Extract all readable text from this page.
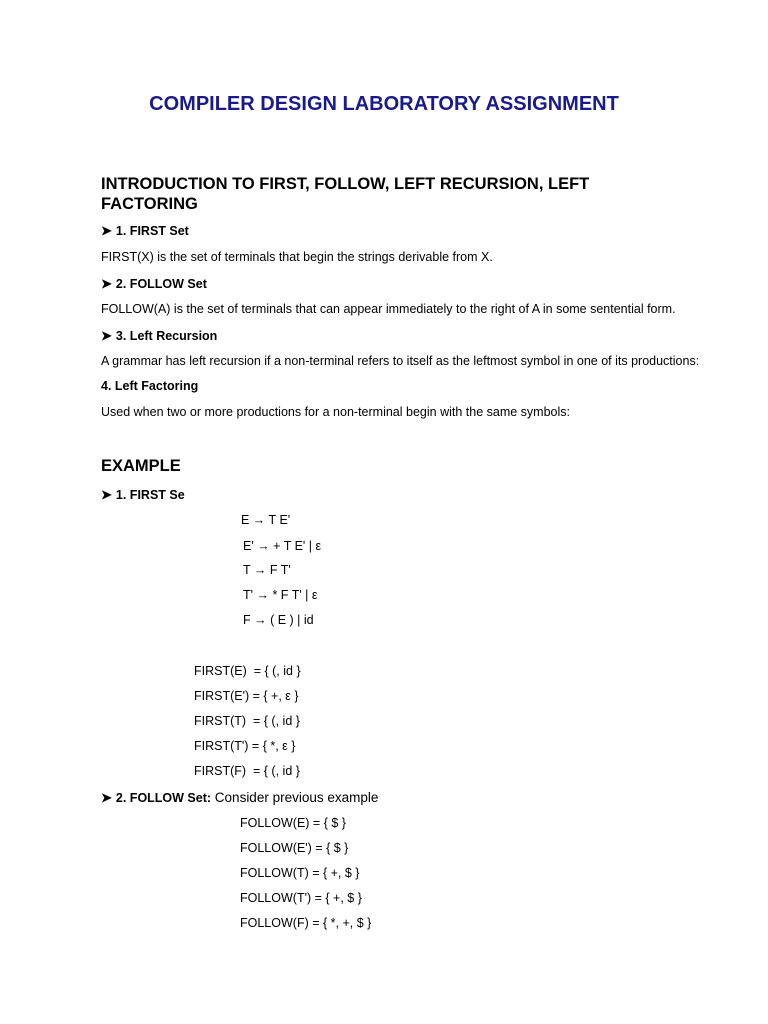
COMPILER DESIGN LABORATORY ASSIGNMENT
INTRODUCTION TO FIRST, FOLLOW, LEFT RECURSION, LEFT
FACTORING
➤ 1. FIRST Set
FIRST(X) is the set of terminals that begin the strings derivable from X.
➤ 2. FOLLOW Set
FOLLOW(A) is the set of terminals that can appear immediately to the right of A in some sentential form.
➤ 3. Left Recursion
A grammar has left recursion if a non-terminal refers to itself as the leftmost symbol in one of its productions:
4. Left Factoring
Used when two or more productions for a non-terminal begin with the same symbols:
EXAMPLE
➤ 1. FIRST Se
E → T E'
E' → + T E' | ε
T → F T'
T' → * F T' | ε
F → ( E ) | id
FIRST(E)  = { (, id }
FIRST(E') = { +, ε }
FIRST(T)  = { (, id }
FIRST(T') = { *, ε }
FIRST(F)  = { (, id }
➤ 2. FOLLOW Set: Consider previous example
FOLLOW(E) = { $ }
FOLLOW(E') = { $ }
FOLLOW(T) = { +, $ }
FOLLOW(T') = { +, $ }
FOLLOW(F) = { *, +, $ }
